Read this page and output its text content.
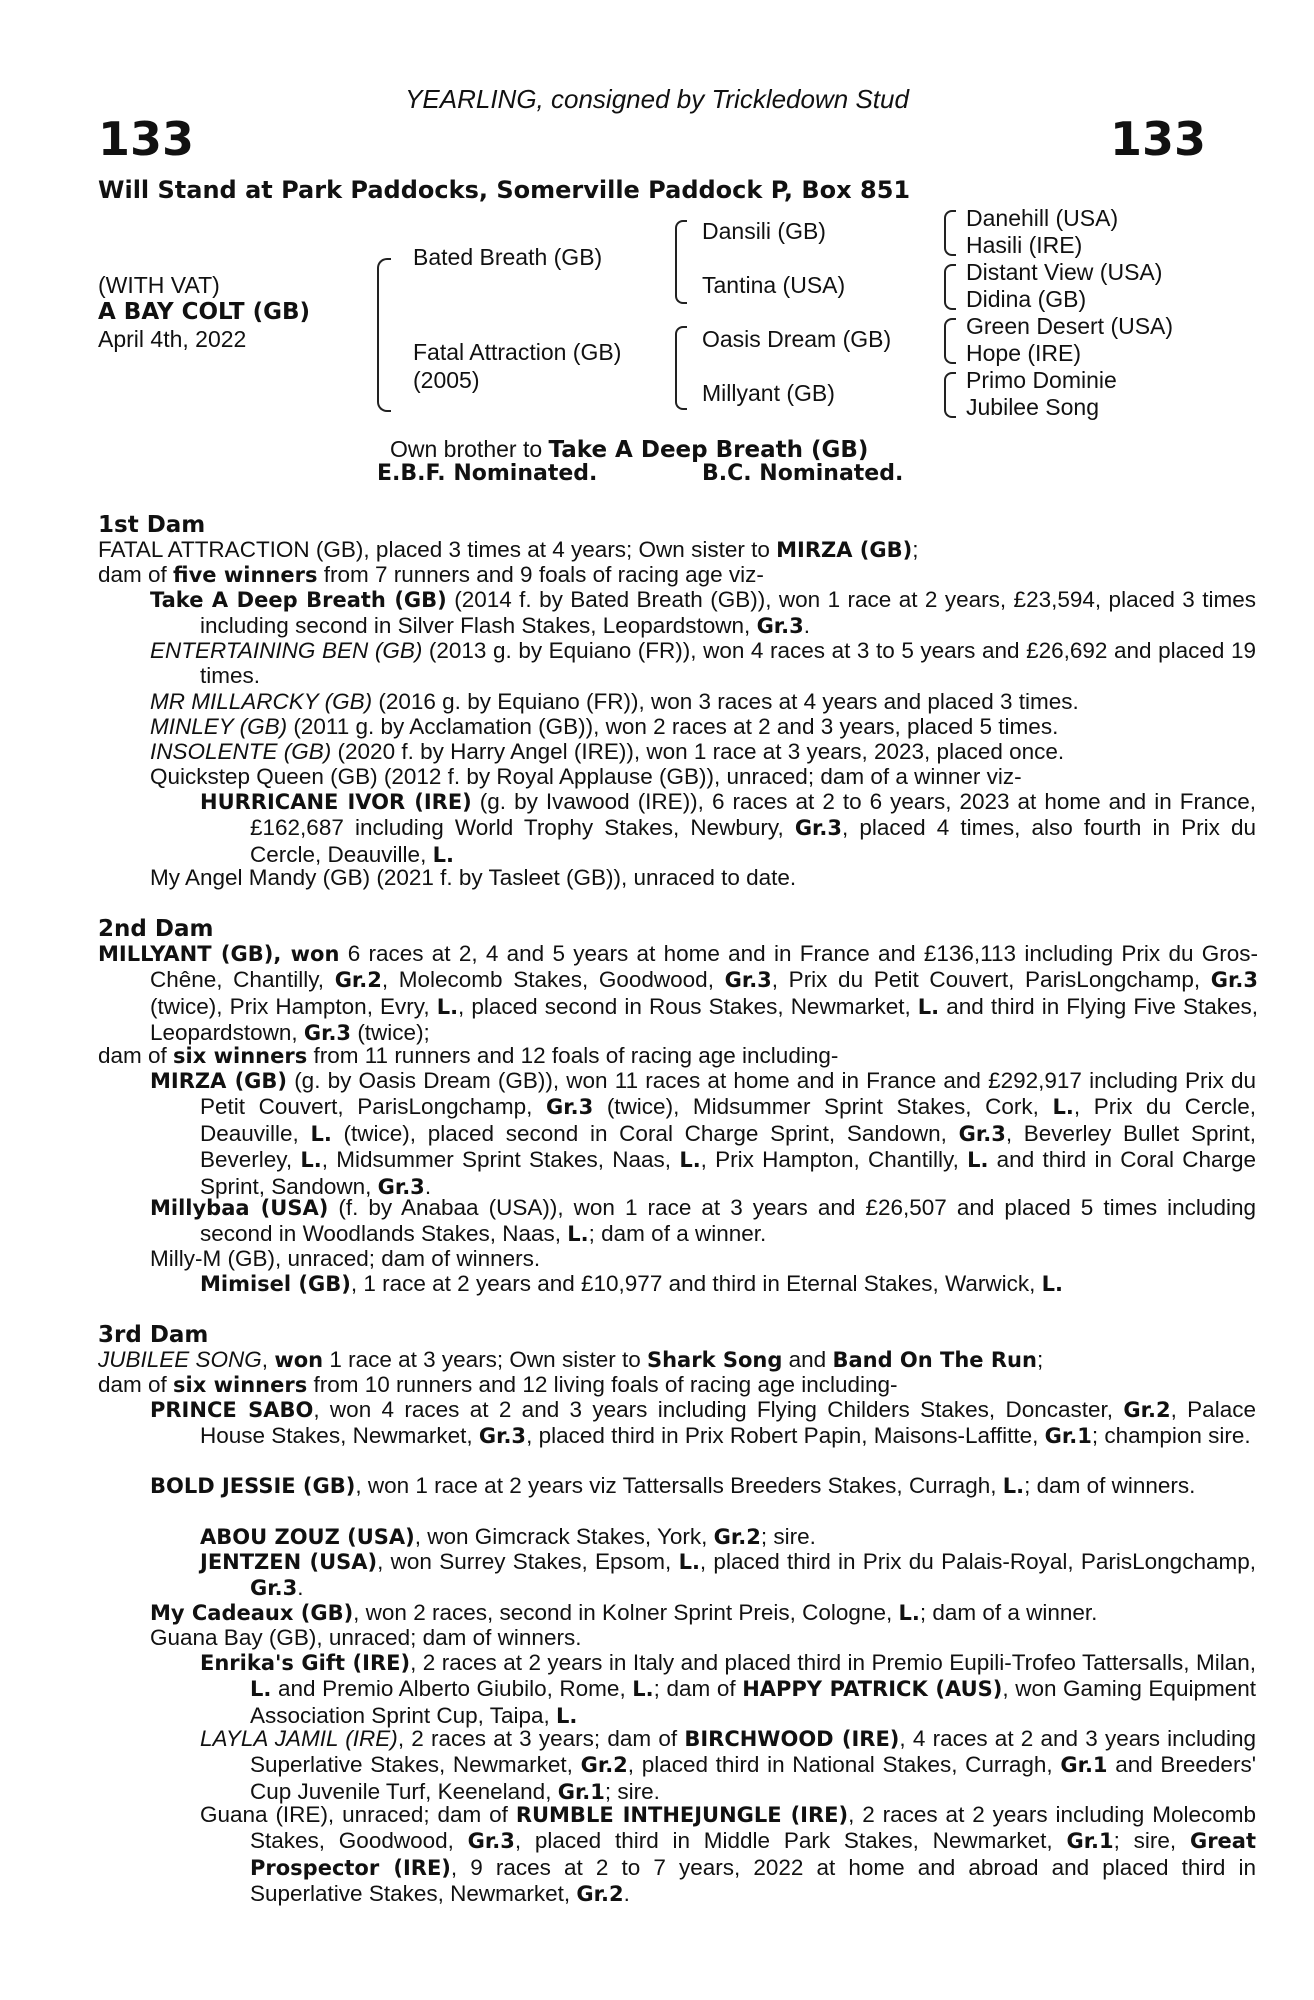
YEARLING, consigned by Trickledown Stud
133	133
Will Stand at Park Paddocks, Somerville Paddock P, Box 851
(WITH VAT)
A BAY COLT (GB)
April 4th, 2022
Bated Breath (GB)
Fatal Attraction (GB)
(2005)
Dansili (GB)
Tantina (USA)
Oasis Dream (GB)
Millyant (GB)
Danehill (USA)
Hasili (IRE)
Distant View (USA)
Didina (GB)
Green Desert (USA)
Hope (IRE)
Primo Dominie
Jubilee Song
Own brother to Take A Deep Breath (GB)
E.B.F. Nominated.	B.C. Nominated.
1st Dam
FATAL ATTRACTION (GB), placed 3 times at 4 years; Own sister to MIRZA (GB);
dam of five winners from 7 runners and 9 foals of racing age viz-
Take A Deep Breath (GB) (2014 f. by Bated Breath (GB)), won 1 race at 2 years, £23,594, placed 3 times including second in Silver Flash Stakes, Leopardstown, Gr.3.
ENTERTAINING BEN (GB) (2013 g. by Equiano (FR)), won 4 races at 3 to 5 years and £26,692 and placed 19 times.
MR MILLARCKY (GB) (2016 g. by Equiano (FR)), won 3 races at 4 years and placed 3 times.
MINLEY (GB) (2011 g. by Acclamation (GB)), won 2 races at 2 and 3 years, placed 5 times.
INSOLENTE (GB) (2020 f. by Harry Angel (IRE)), won 1 race at 3 years, 2023, placed once.
Quickstep Queen (GB) (2012 f. by Royal Applause (GB)), unraced; dam of a winner viz-
HURRICANE IVOR (IRE) (g. by Ivawood (IRE)), 6 races at 2 to 6 years, 2023 at home and in France, £162,687 including World Trophy Stakes, Newbury, Gr.3, placed 4 times, also fourth in Prix du Cercle, Deauville, L.
My Angel Mandy (GB) (2021 f. by Tasleet (GB)), unraced to date.
2nd Dam
MILLYANT (GB), won 6 races at 2, 4 and 5 years at home and in France and £136,113 including Prix du Gros-Chêne, Chantilly, Gr.2, Molecomb Stakes, Goodwood, Gr.3, Prix du Petit Couvert, ParisLongchamp, Gr.3 (twice), Prix Hampton, Evry, L., placed second in Rous Stakes, Newmarket, L. and third in Flying Five Stakes, Leopardstown, Gr.3 (twice);
dam of six winners from 11 runners and 12 foals of racing age including-
MIRZA (GB) (g. by Oasis Dream (GB)), won 11 races at home and in France and £292,917 including Prix du Petit Couvert, ParisLongchamp, Gr.3 (twice), Midsummer Sprint Stakes, Cork, L., Prix du Cercle, Deauville, L. (twice), placed second in Coral Charge Sprint, Sandown, Gr.3, Beverley Bullet Sprint, Beverley, L., Midsummer Sprint Stakes, Naas, L., Prix Hampton, Chantilly, L. and third in Coral Charge Sprint, Sandown, Gr.3.
Millybaa (USA) (f. by Anabaa (USA)), won 1 race at 3 years and £26,507 and placed 5 times including second in Woodlands Stakes, Naas, L.; dam of a winner.
Milly-M (GB), unraced; dam of winners.
Mimisel (GB), 1 race at 2 years and £10,977 and third in Eternal Stakes, Warwick, L.
3rd Dam
JUBILEE SONG, won 1 race at 3 years; Own sister to Shark Song and Band On The Run;
dam of six winners from 10 runners and 12 living foals of racing age including-
PRINCE SABO, won 4 races at 2 and 3 years including Flying Childers Stakes, Doncaster, Gr.2, Palace House Stakes, Newmarket, Gr.3, placed third in Prix Robert Papin, Maisons-Laffitte, Gr.1; champion sire.
BOLD JESSIE (GB), won 1 race at 2 years viz Tattersalls Breeders Stakes, Curragh, L.; dam of winners.
ABOU ZOUZ (USA), won Gimcrack Stakes, York, Gr.2; sire.
JENTZEN (USA), won Surrey Stakes, Epsom, L., placed third in Prix du Palais-Royal, ParisLongchamp, Gr.3.
My Cadeaux (GB), won 2 races, second in Kolner Sprint Preis, Cologne, L.; dam of a winner.
Guana Bay (GB), unraced; dam of winners.
Enrika's Gift (IRE), 2 races at 2 years in Italy and placed third in Premio Eupili-Trofeo Tattersalls, Milan, L. and Premio Alberto Giubilo, Rome, L.; dam of HAPPY PATRICK (AUS), won Gaming Equipment Association Sprint Cup, Taipa, L.
LAYLA JAMIL (IRE), 2 races at 3 years; dam of BIRCHWOOD (IRE), 4 races at 2 and 3 years including Superlative Stakes, Newmarket, Gr.2, placed third in National Stakes, Curragh, Gr.1 and Breeders' Cup Juvenile Turf, Keeneland, Gr.1; sire.
Guana (IRE), unraced; dam of RUMBLE INTHEJUNGLE (IRE), 2 races at 2 years including Molecomb Stakes, Goodwood, Gr.3, placed third in Middle Park Stakes, Newmarket, Gr.1; sire, Great Prospector (IRE), 9 races at 2 to 7 years, 2022 at home and abroad and placed third in Superlative Stakes, Newmarket, Gr.2.
